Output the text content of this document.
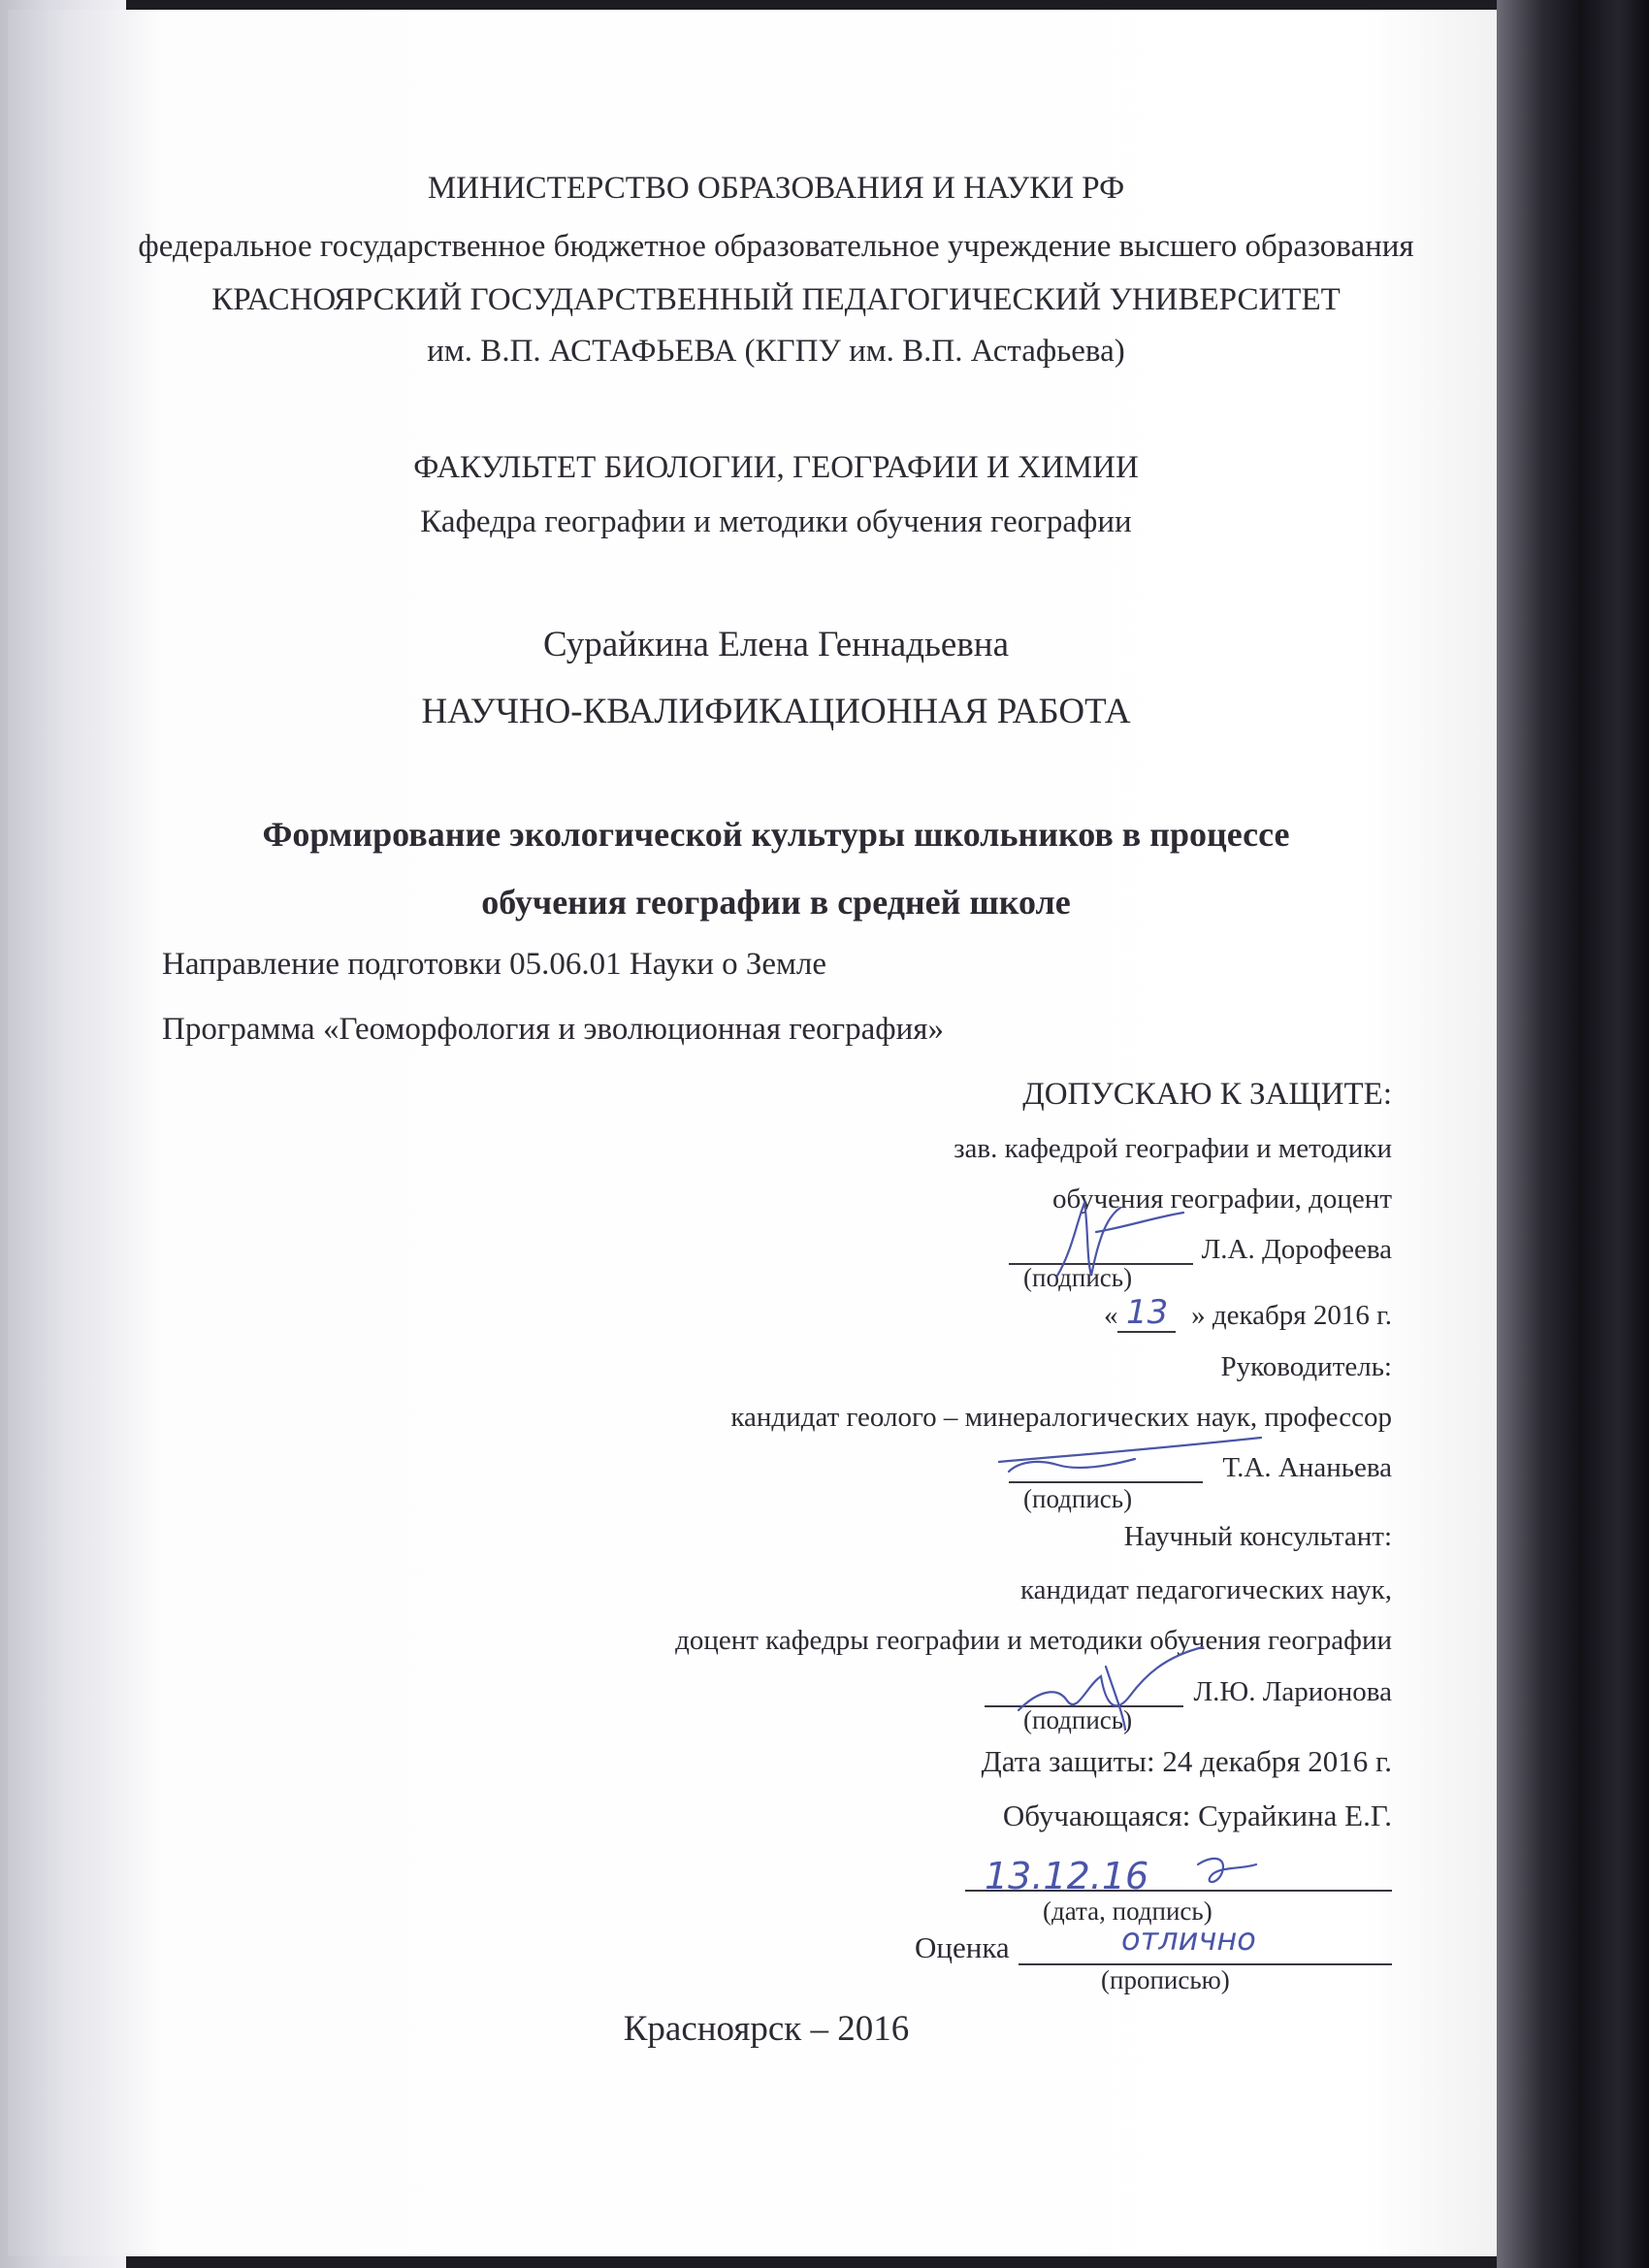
МИНИСТЕРСТВО ОБРАЗОВАНИЯ И НАУКИ РФ
федеральное государственное бюджетное образовательное учреждение высшего образования
КРАСНОЯРСКИЙ ГОСУДАРСТВЕННЫЙ ПЕДАГОГИЧЕСКИЙ УНИВЕРСИТЕТ
им. В.П. АСТАФЬЕВА (КГПУ им. В.П. Астафьева)
ФАКУЛЬТЕТ БИОЛОГИИ, ГЕОГРАФИИ И ХИМИИ
Кафедра географии и методики обучения географии
Сурайкина Елена Геннадьевна
НАУЧНО-КВАЛИФИКАЦИОННАЯ РАБОТА
Формирование экологической культуры школьников в процессе
обучения географии в средней школе
Направление подготовки 05.06.01 Науки о Земле
Программа «Геоморфология и эволюционная география»
ДОПУСКАЮ К ЗАЩИТЕ:
зав. кафедрой географии и методики
обучения географии, доцент
Л.А. Дорофеева
(подпись)
« 13 » декабря 2016 г.
Руководитель:
кандидат геолого – минералогических наук, профессор
Т.А. Ананьева
(подпись)
Научный консультант:
кандидат педагогических наук,
доцент кафедры географии и методики обучения географии
Л.Ю. Ларионова
(подпись)
Дата защиты: 24 декабря 2016 г.
Обучающаяся: Сурайкина Е.Г.
13.12.16
(дата, подпись)
Оценка	отлично
(прописью)
Красноярск – 2016
